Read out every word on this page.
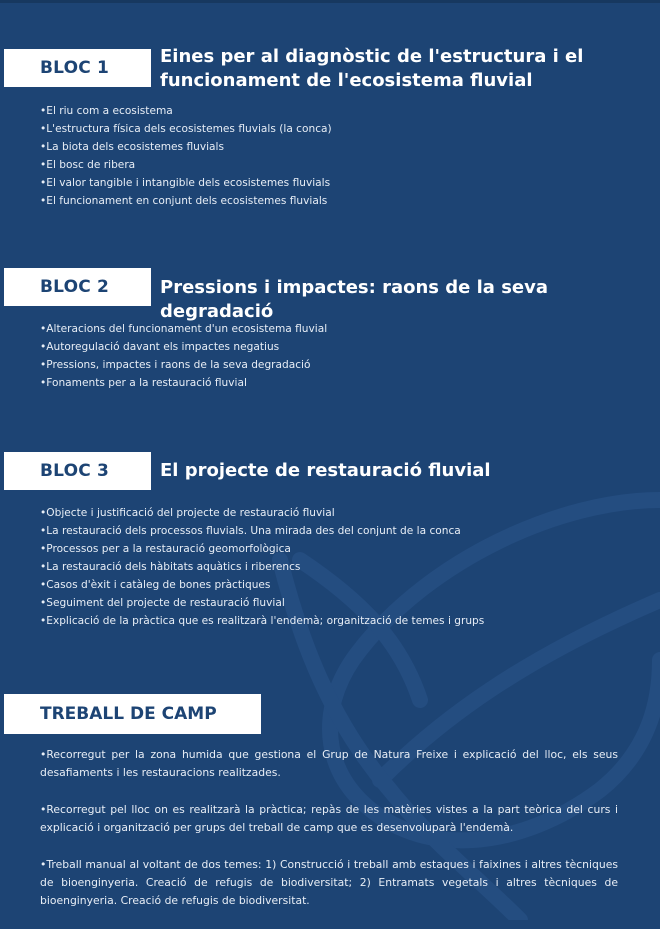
BLOC 1
Eines per al diagnòstic de l'estructura i el funcionament de l'ecosistema fluvial
• El riu com a ecosistema
• L'estructura física dels ecosistemes fluvials (la conca)
• La biota dels ecosistemes fluvials
• El bosc de ribera
• El valor tangible i intangible dels ecosistemes fluvials
• El funcionament en conjunt dels ecosistemes fluvials
BLOC 2	Pressions i impactes: raons de la seva degradació
• Alteracions del funcionament d'un ecosistema fluvial
• Autoregulació davant els impactes negatius
• Pressions, impactes i raons de la seva degradació
• Fonaments per a la restauració fluvial
BLOC 3	El projecte de restauració fluvial
• Objecte i justificació del projecte de restauració fluvial
• La restauració dels processos fluvials. Una mirada des del conjunt de la conca
• Processos per a la restauració geomorfològica
• La restauració dels hàbitats aquàtics i riberencs
• Casos d'èxit i catàleg de bones pràctiques
• Seguiment del projecte de restauració fluvial
• Explicació de la pràctica que es realitzarà l'endemà; organització de temes i grups
TREBALL DE CAMP

• Recorregut per la zona humida que gestiona el Grup de Natura Freixe i explicació del lloc, els seus desafiaments i les restauracions realitzades.

• Recorregut pel lloc on es realitzarà la pràctica; repàs de les matèries vistes a la part teòrica del curs i explicació i organització per grups del treball de camp que es desenvoluparà l'endemà.

• Treball manual al voltant de dos temes: 1) Construcció i treball amb estaques i faixines i altres tècniques de bioenginyeria. Creació de refugis de biodiversitat; 2) Entramats vegetals i altres tècniques de bioenginyeria. Creació de refugis de biodiversitat.
